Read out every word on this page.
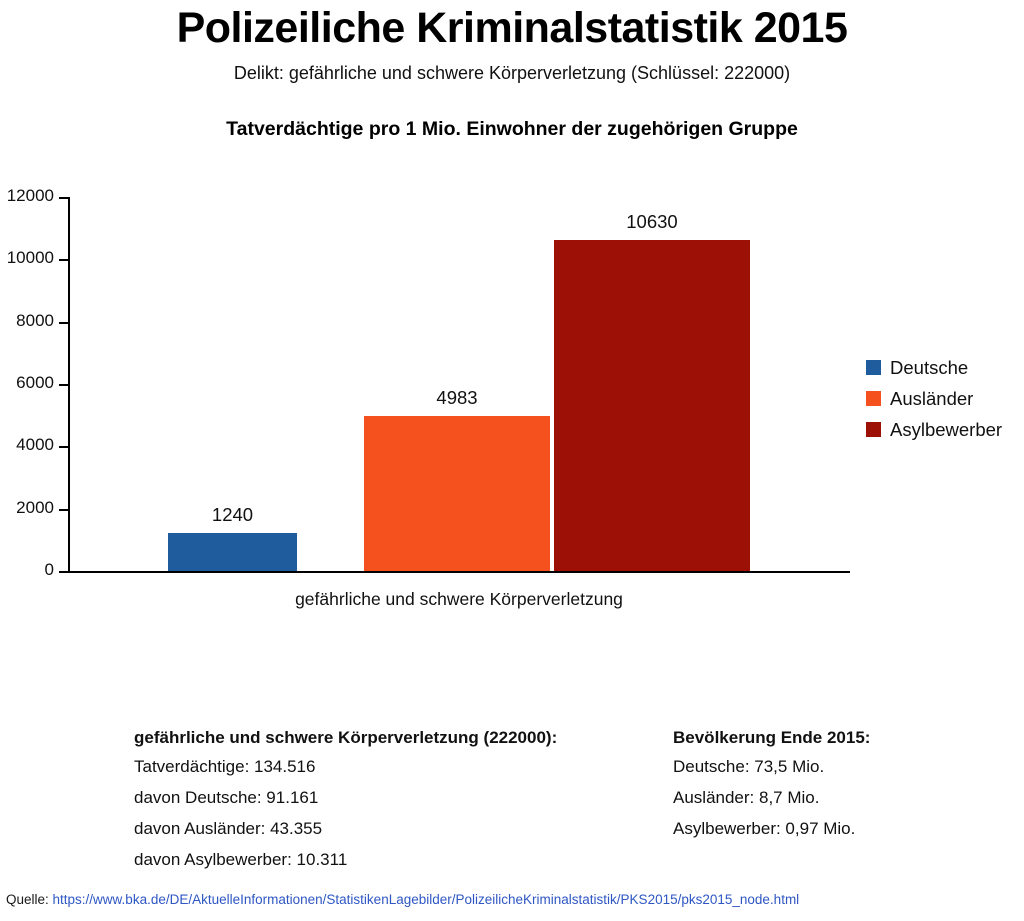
Polizeiliche Kriminalstatistik 2015
Delikt: gefährliche und schwere Körperverletzung (Schlüssel: 222000)
Tatverdächtige pro 1 Mio. Einwohner der zugehörigen Gruppe
0
2000
4000
6000
8000
10000
12000
1240
4983
10630
gefährliche und schwere Körperverletzung
Deutsche
Ausländer
Asylbewerber
gefährliche und schwere Körperverletzung (222000):

Tatverdächtige: 134.516

davon Deutsche: 91.161

davon Ausländer: 43.355

davon Asylbewerber: 10.311

Bevölkerung Ende 2015:

Deutsche: 73,5 Mio.

Ausländer: 8,7 Mio.

Asylbewerber: 0,97 Mio.

Quelle: https://www.bka.de/DE/AktuelleInformationen/StatistikenLagebilder/PolizeilicheKriminalstatistik/PKS2015/pks2015_node.html
